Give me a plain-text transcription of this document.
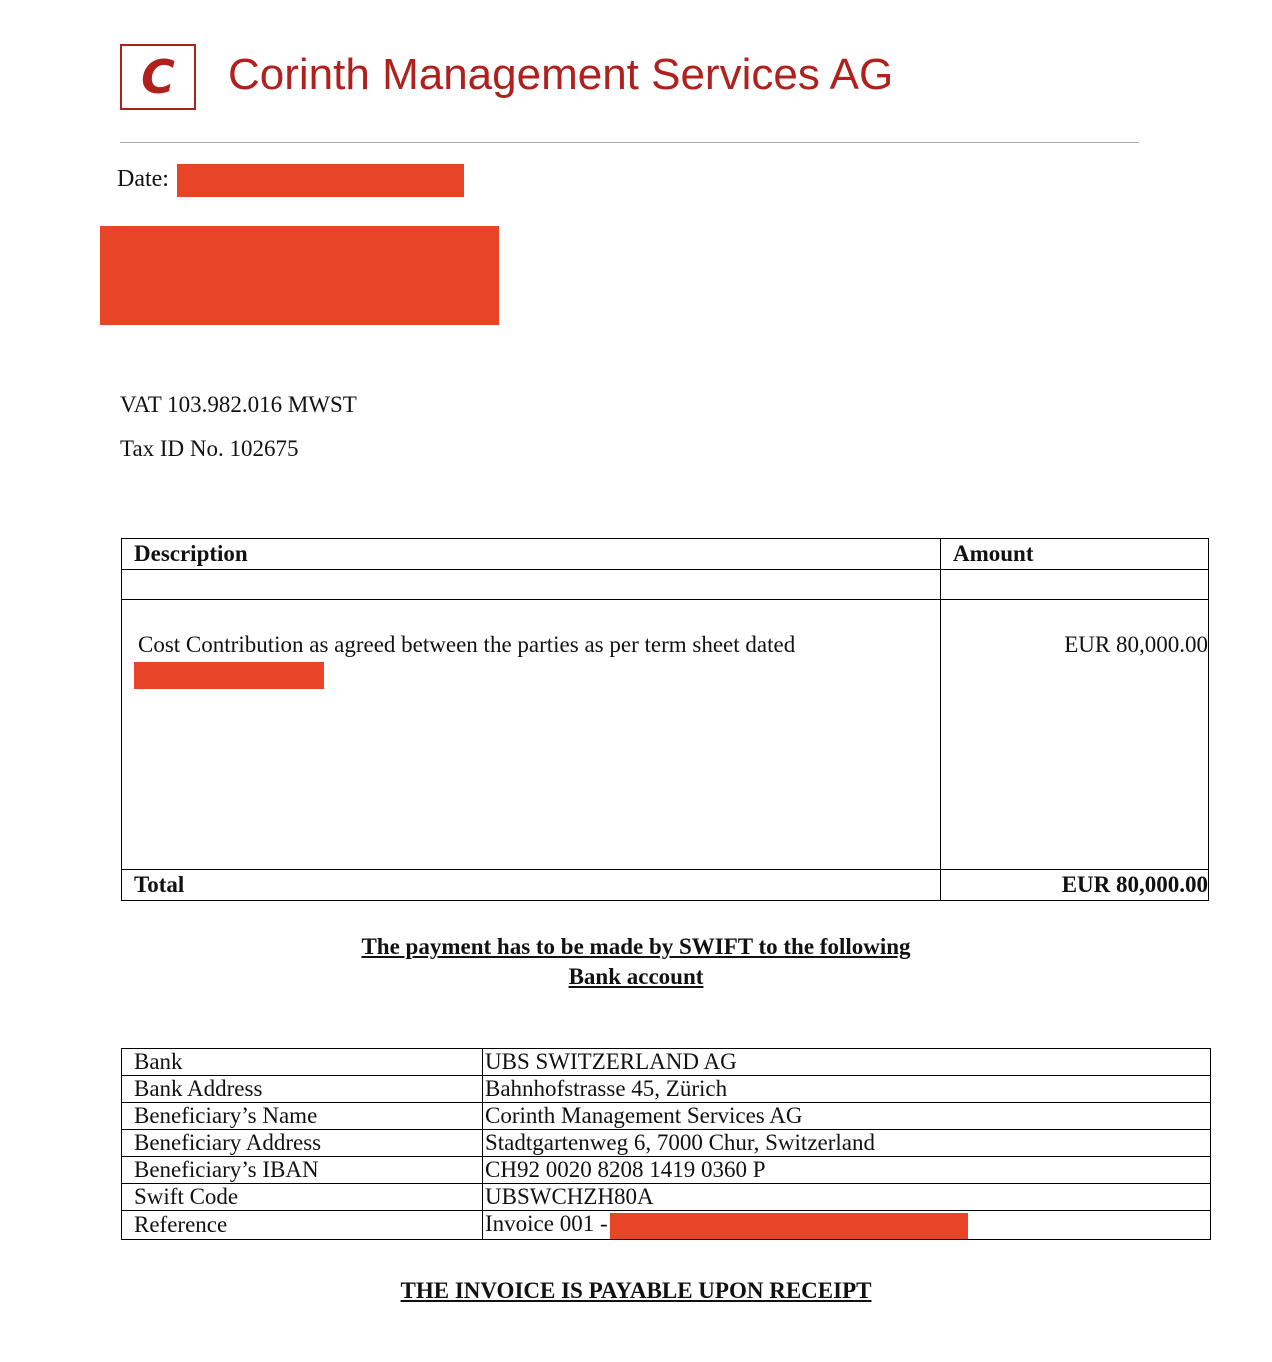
C Corinth Management Services AG
Date:
VAT 103.982.016 MWST
Tax ID No. 102675
Description	Amount

Cost Contribution as agreed between the parties as per term sheet dated	EUR 80,000.00

Total	EUR 80,000.00
The payment has to be made by SWIFT to the following
Bank account
Bank	UBS SWITZERLAND AG
Bank Address	Bahnhofstrasse 45, Zürich
Beneficiary’s Name	Corinth Management Services AG
Beneficiary Address	Stadtgartenweg 6, 7000 Chur, Switzerland
Beneficiary’s IBAN	CH92 0020 8208 1419 0360 P
Swift Code	UBSWCHZH80A
Reference	Invoice 001 -
THE INVOICE IS PAYABLE UPON RECEIPT
